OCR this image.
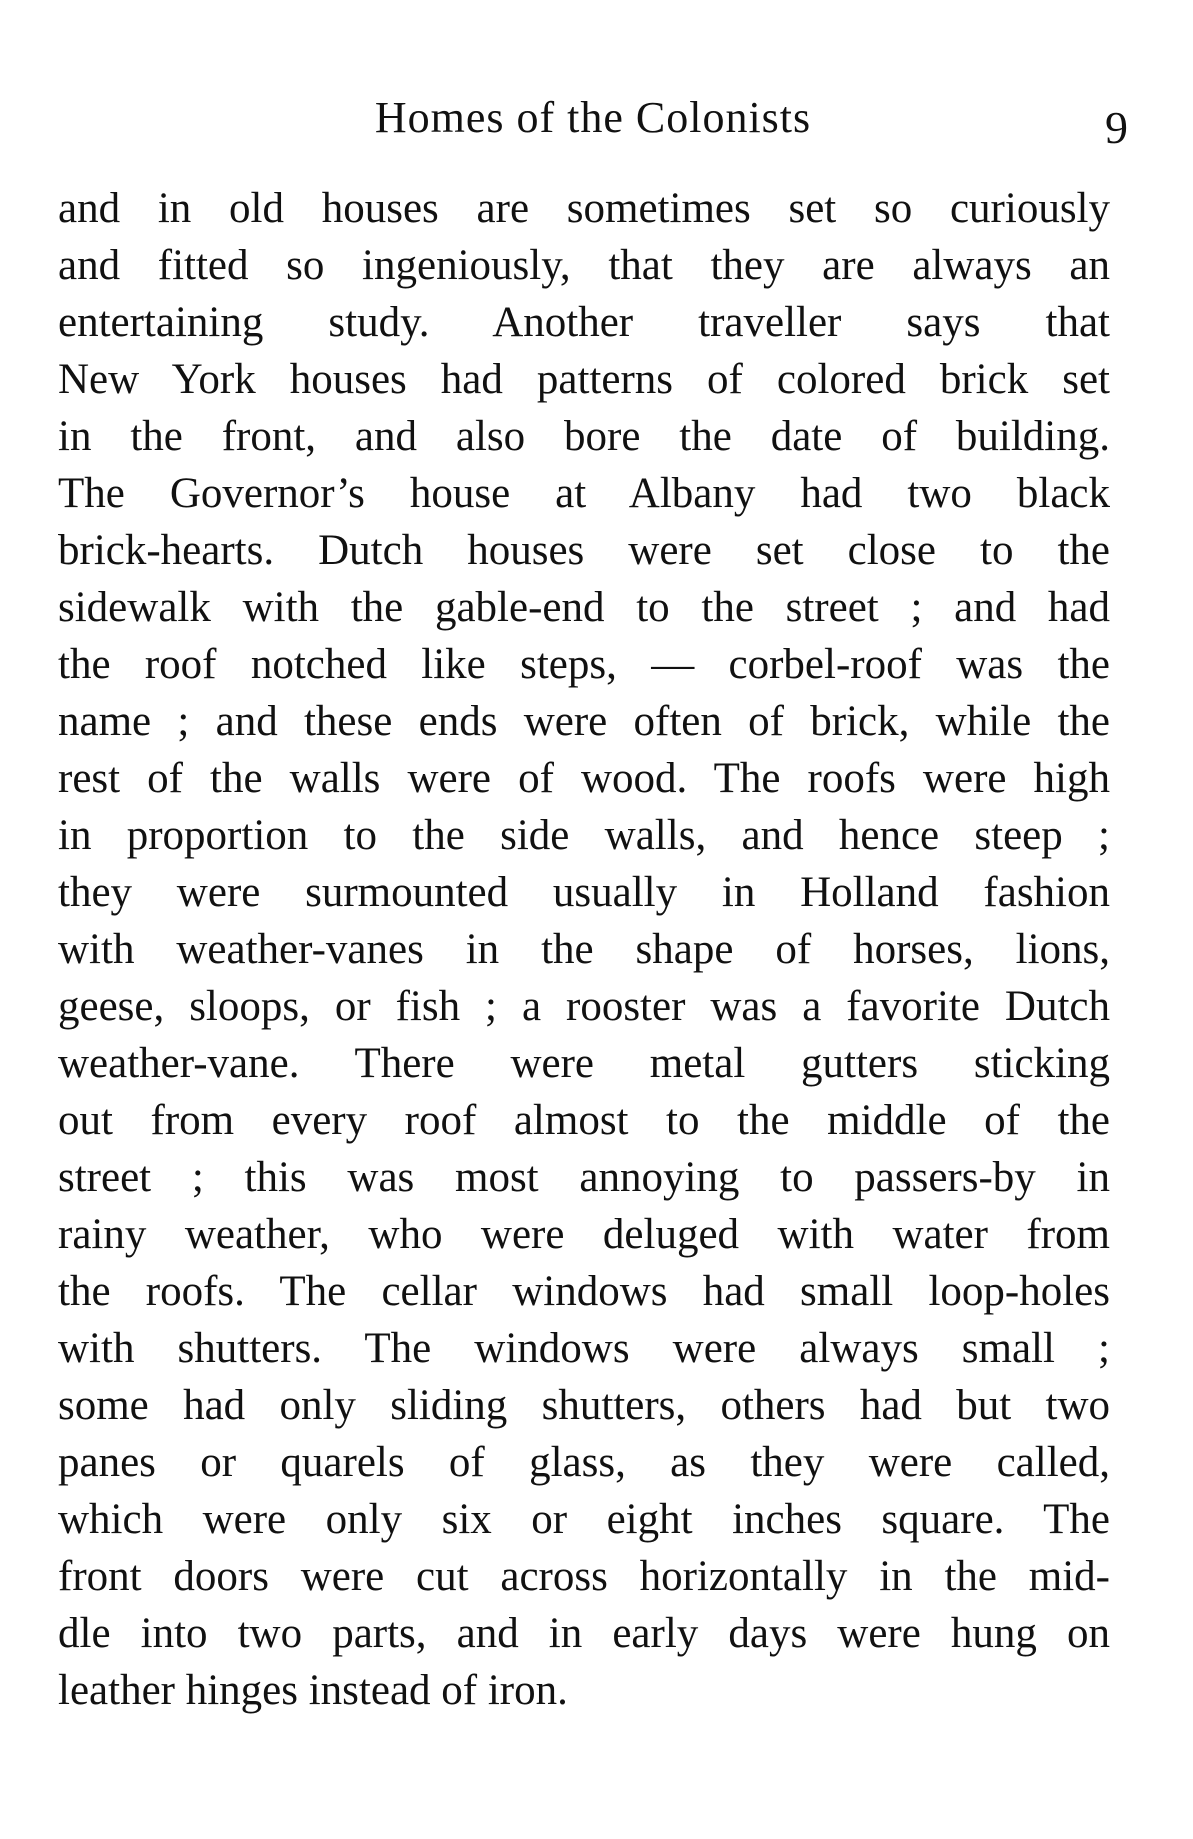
Homes of the Colonists	9
and in old houses are sometimes set so curiously
and fitted so ingeniously, that they are always an
entertaining study. Another traveller says that
New York houses had patterns of colored brick set
in the front, and also bore the date of building.
The Governor’s house at Albany had two black
brick-hearts. Dutch houses were set close to the
sidewalk with the gable-end to the street ; and had
the roof notched like steps, — corbel-roof was the
name ; and these ends were often of brick, while the
rest of the walls were of wood. The roofs were high
in proportion to the side walls, and hence steep ;
they were surmounted usually in Holland fashion
with weather-vanes in the shape of horses, lions,
geese, sloops, or fish ; a rooster was a favorite Dutch
weather-vane. There were metal gutters sticking
out from every roof almost to the middle of the
street ; this was most annoying to passers-by in
rainy weather, who were deluged with water from
the roofs. The cellar windows had small loop-holes
with shutters. The windows were always small ;
some had only sliding shutters, others had but two
panes or quarels of glass, as they were called,
which were only six or eight inches square. The
front doors were cut across horizontally in the mid-
dle into two parts, and in early days were hung on
leather hinges instead of iron.
